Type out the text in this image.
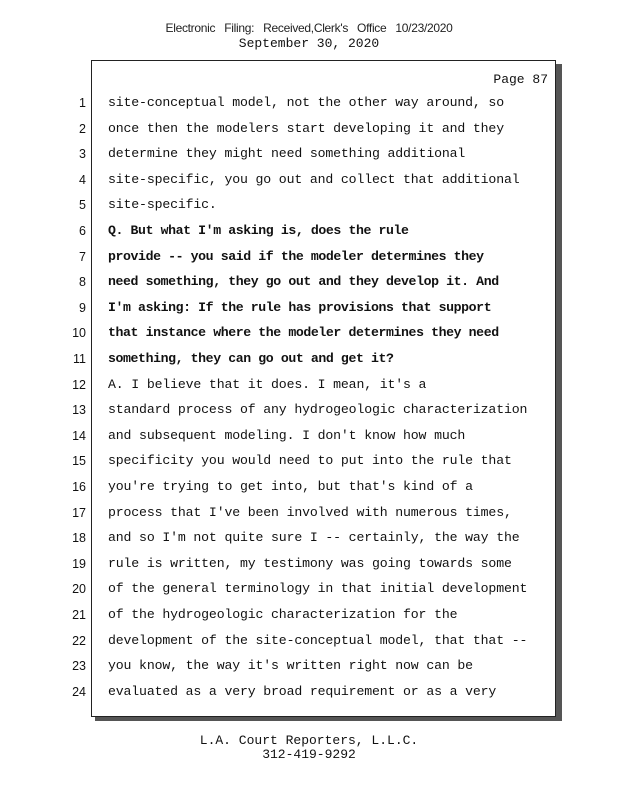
Electronic Filing: Received,Clerk's Office 10/23/2020
September 30, 2020
Page 87
1
2
3
4
5
6
7
8
9
10
11
12
13
14
15
16
17
18
19
20
21
22
23
24
site-conceptual model, not the other way around, so
once then the modelers start developing it and they
determine they might need something additional
site-specific, you go out and collect that additional
site-specific.
Q. But what I'm asking is, does the rule
provide -- you said if the modeler determines they
need something, they go out and they develop it. And
I'm asking: If the rule has provisions that support
that instance where the modeler determines they need
something, they can go out and get it?
A. I believe that it does. I mean, it's a
standard process of any hydrogeologic characterization
and subsequent modeling. I don't know how much
specificity you would need to put into the rule that
you're trying to get into, but that's kind of a
process that I've been involved with numerous times,
and so I'm not quite sure I -- certainly, the way the
rule is written, my testimony was going towards some
of the general terminology in that initial development
of the hydrogeologic characterization for the
development of the site-conceptual model, that that --
you know, the way it's written right now can be
evaluated as a very broad requirement or as a very
L.A. Court Reporters, L.L.C.
312-419-9292
